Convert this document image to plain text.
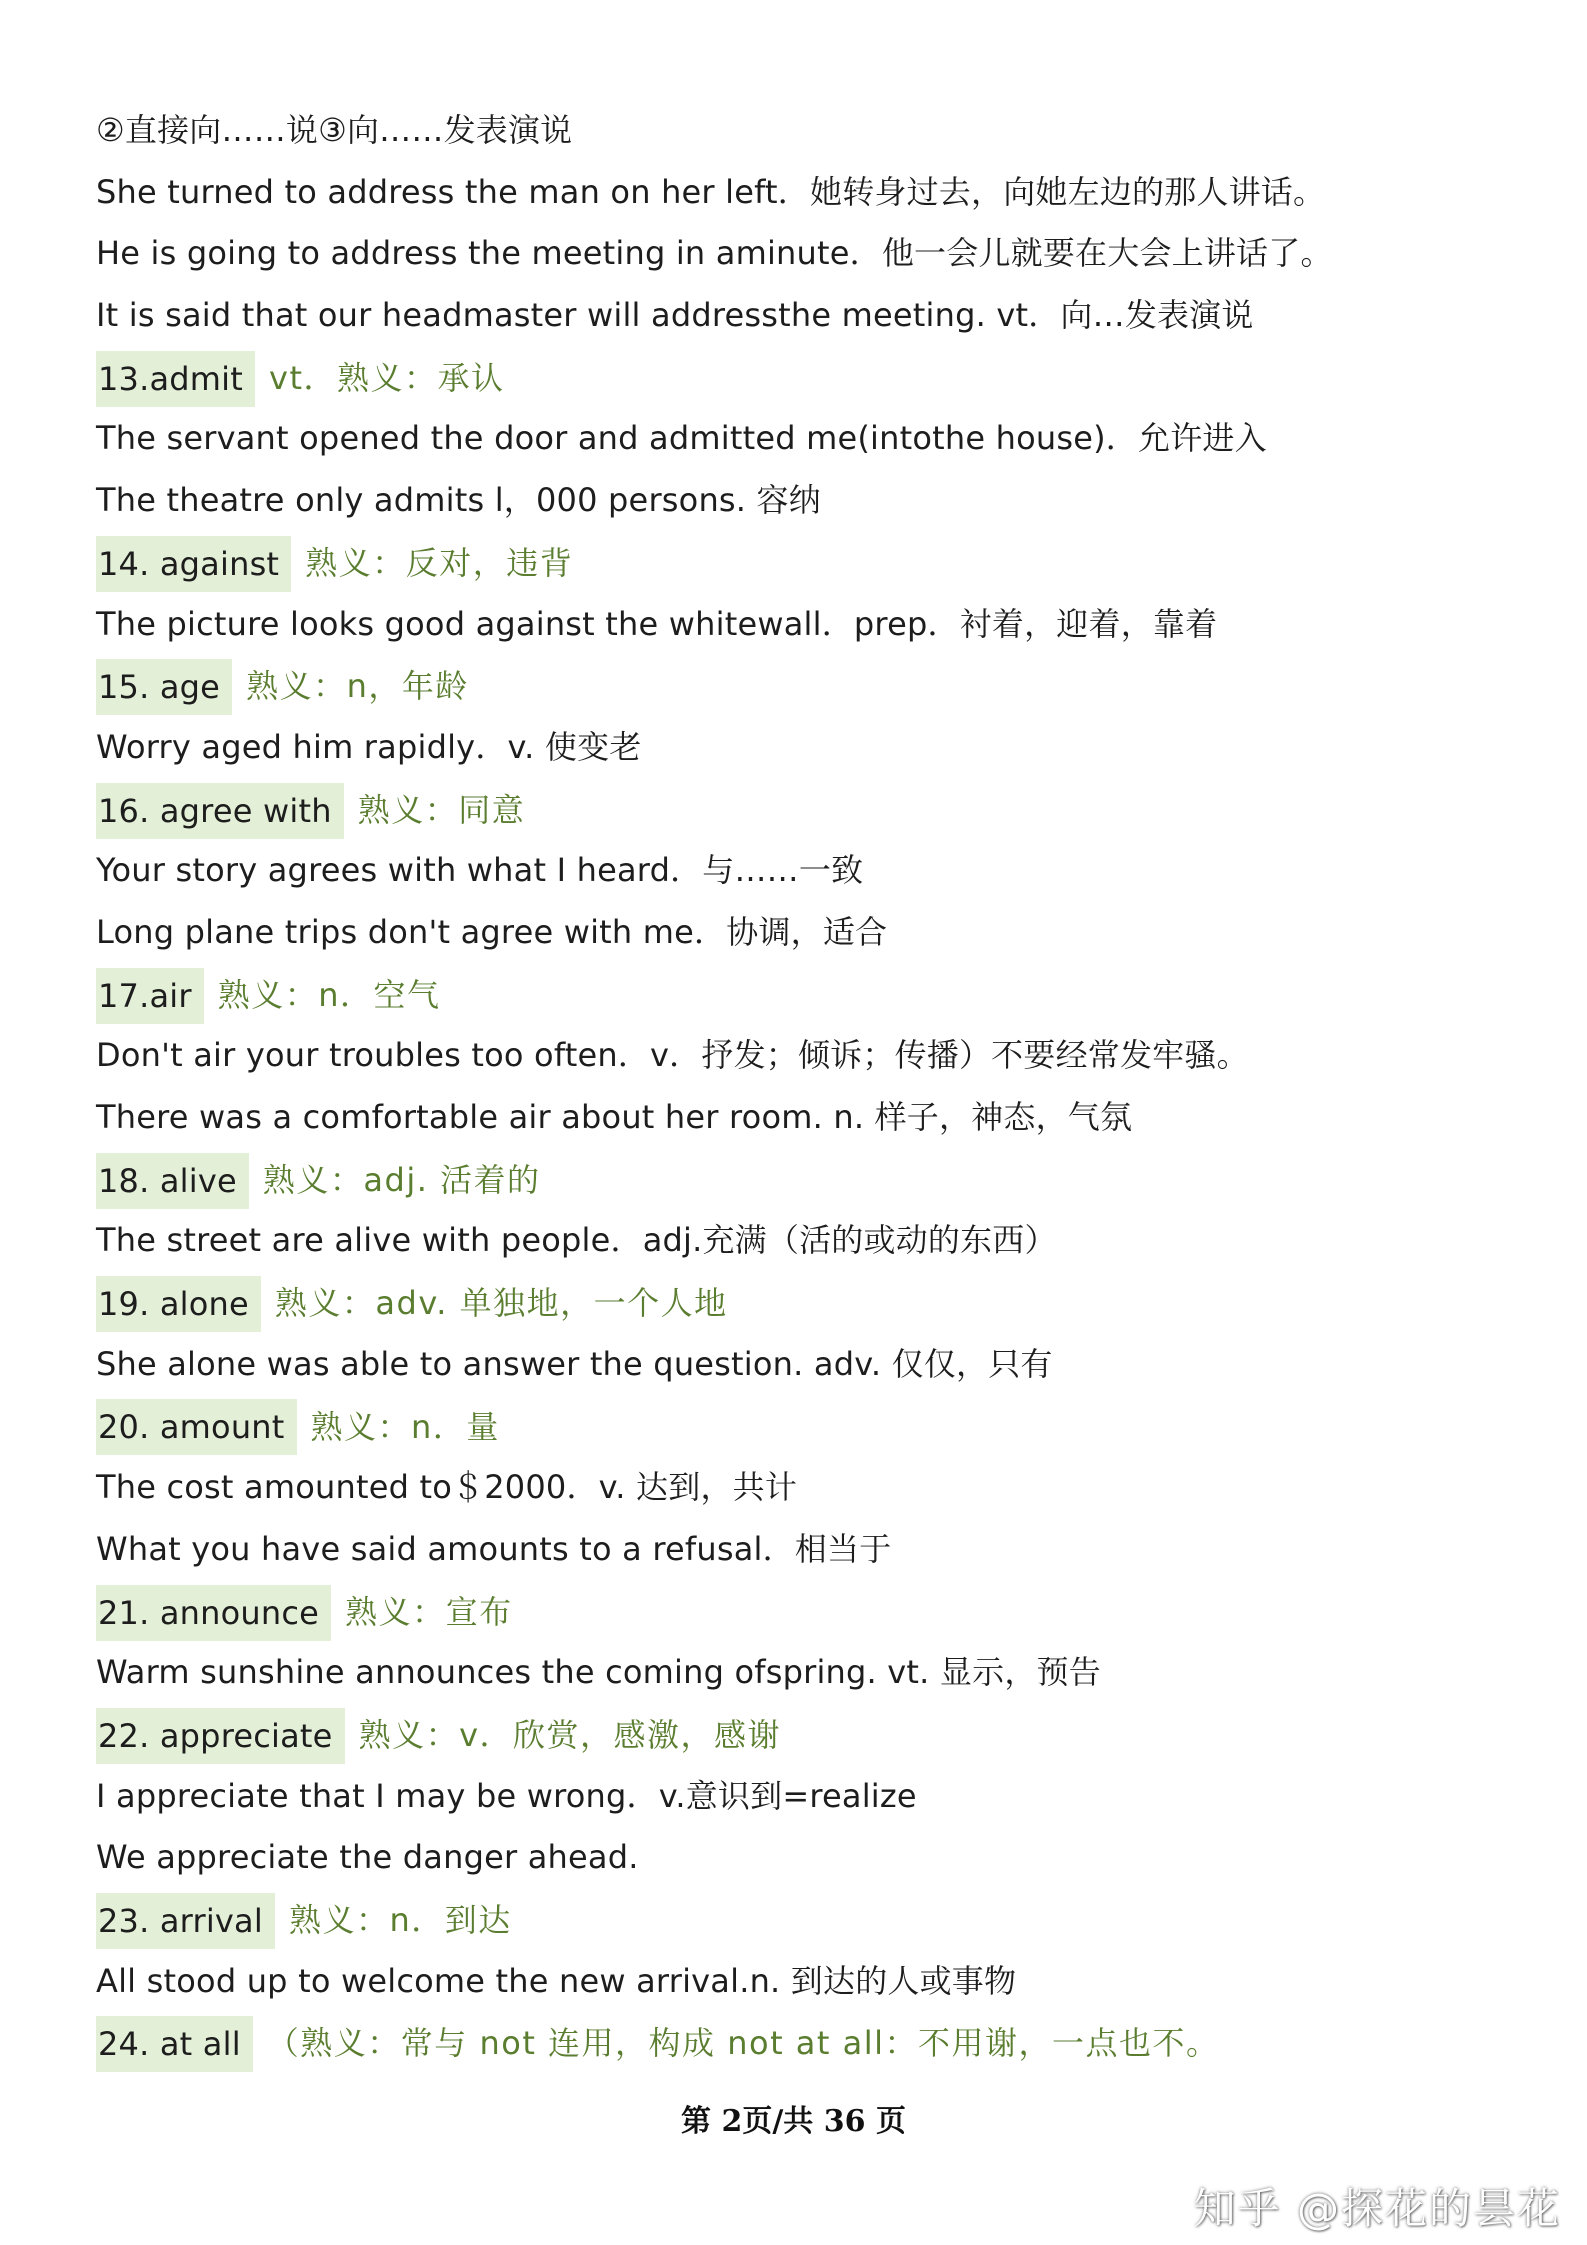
②直接向……说③向……发表演说
She turned to address the man on her left．她转身过去，向她左边的那人讲话。
He is going to address the meeting in aminute．他一会儿就要在大会上讲话了。
It is said that our headmaster will addressthe meeting. vt．向…发表演说
13.admit vt．熟义：承认
The servant opened the door and admitted me(intothe house)．允许进入
The theatre only admits l，000 persons. 容纳
14. against 熟义：反对，违背
The picture looks good against the whitewall．prep．衬着，迎着，靠着
15. age 熟义：n，年龄
Worry aged him rapidly．v. 使变老
16. agree with 熟义：同意
Your story agrees with what I heard．与……一致
Long plane trips don't agree with me．协调，适合
17.air 熟义：n．空气
Don't air your troubles too often．v．抒发；倾诉；传播）不要经常发牢骚。
There was a comfortable air about her room. n. 样子，神态，气氛
18. alive 熟义：adj. 活着的
The street are alive with people．adj.充满（活的或动的东西）
19. alone 熟义：adv. 单独地，一个人地
She alone was able to answer the question. adv. 仅仅，只有
20. amount 熟义：n．量
The cost amounted to＄2000．v. 达到，共计
What you have said amounts to a refusal．相当于
21. announce 熟义：宣布
Warm sunshine announces the coming ofspring. vt. 显示，预告
22. appreciate 熟义：v．欣赏，感激，感谢
I appreciate that I may be wrong．v.意识到=realize
We appreciate the danger ahead.
23. arrival 熟义：n．到达
All stood up to welcome the new arrival.n. 到达的人或事物
24. at all （熟义：常与 not 连用，构成 not at all：不用谢，一点也不。
第 2页/共 36 页
知乎 @探花的昙花
